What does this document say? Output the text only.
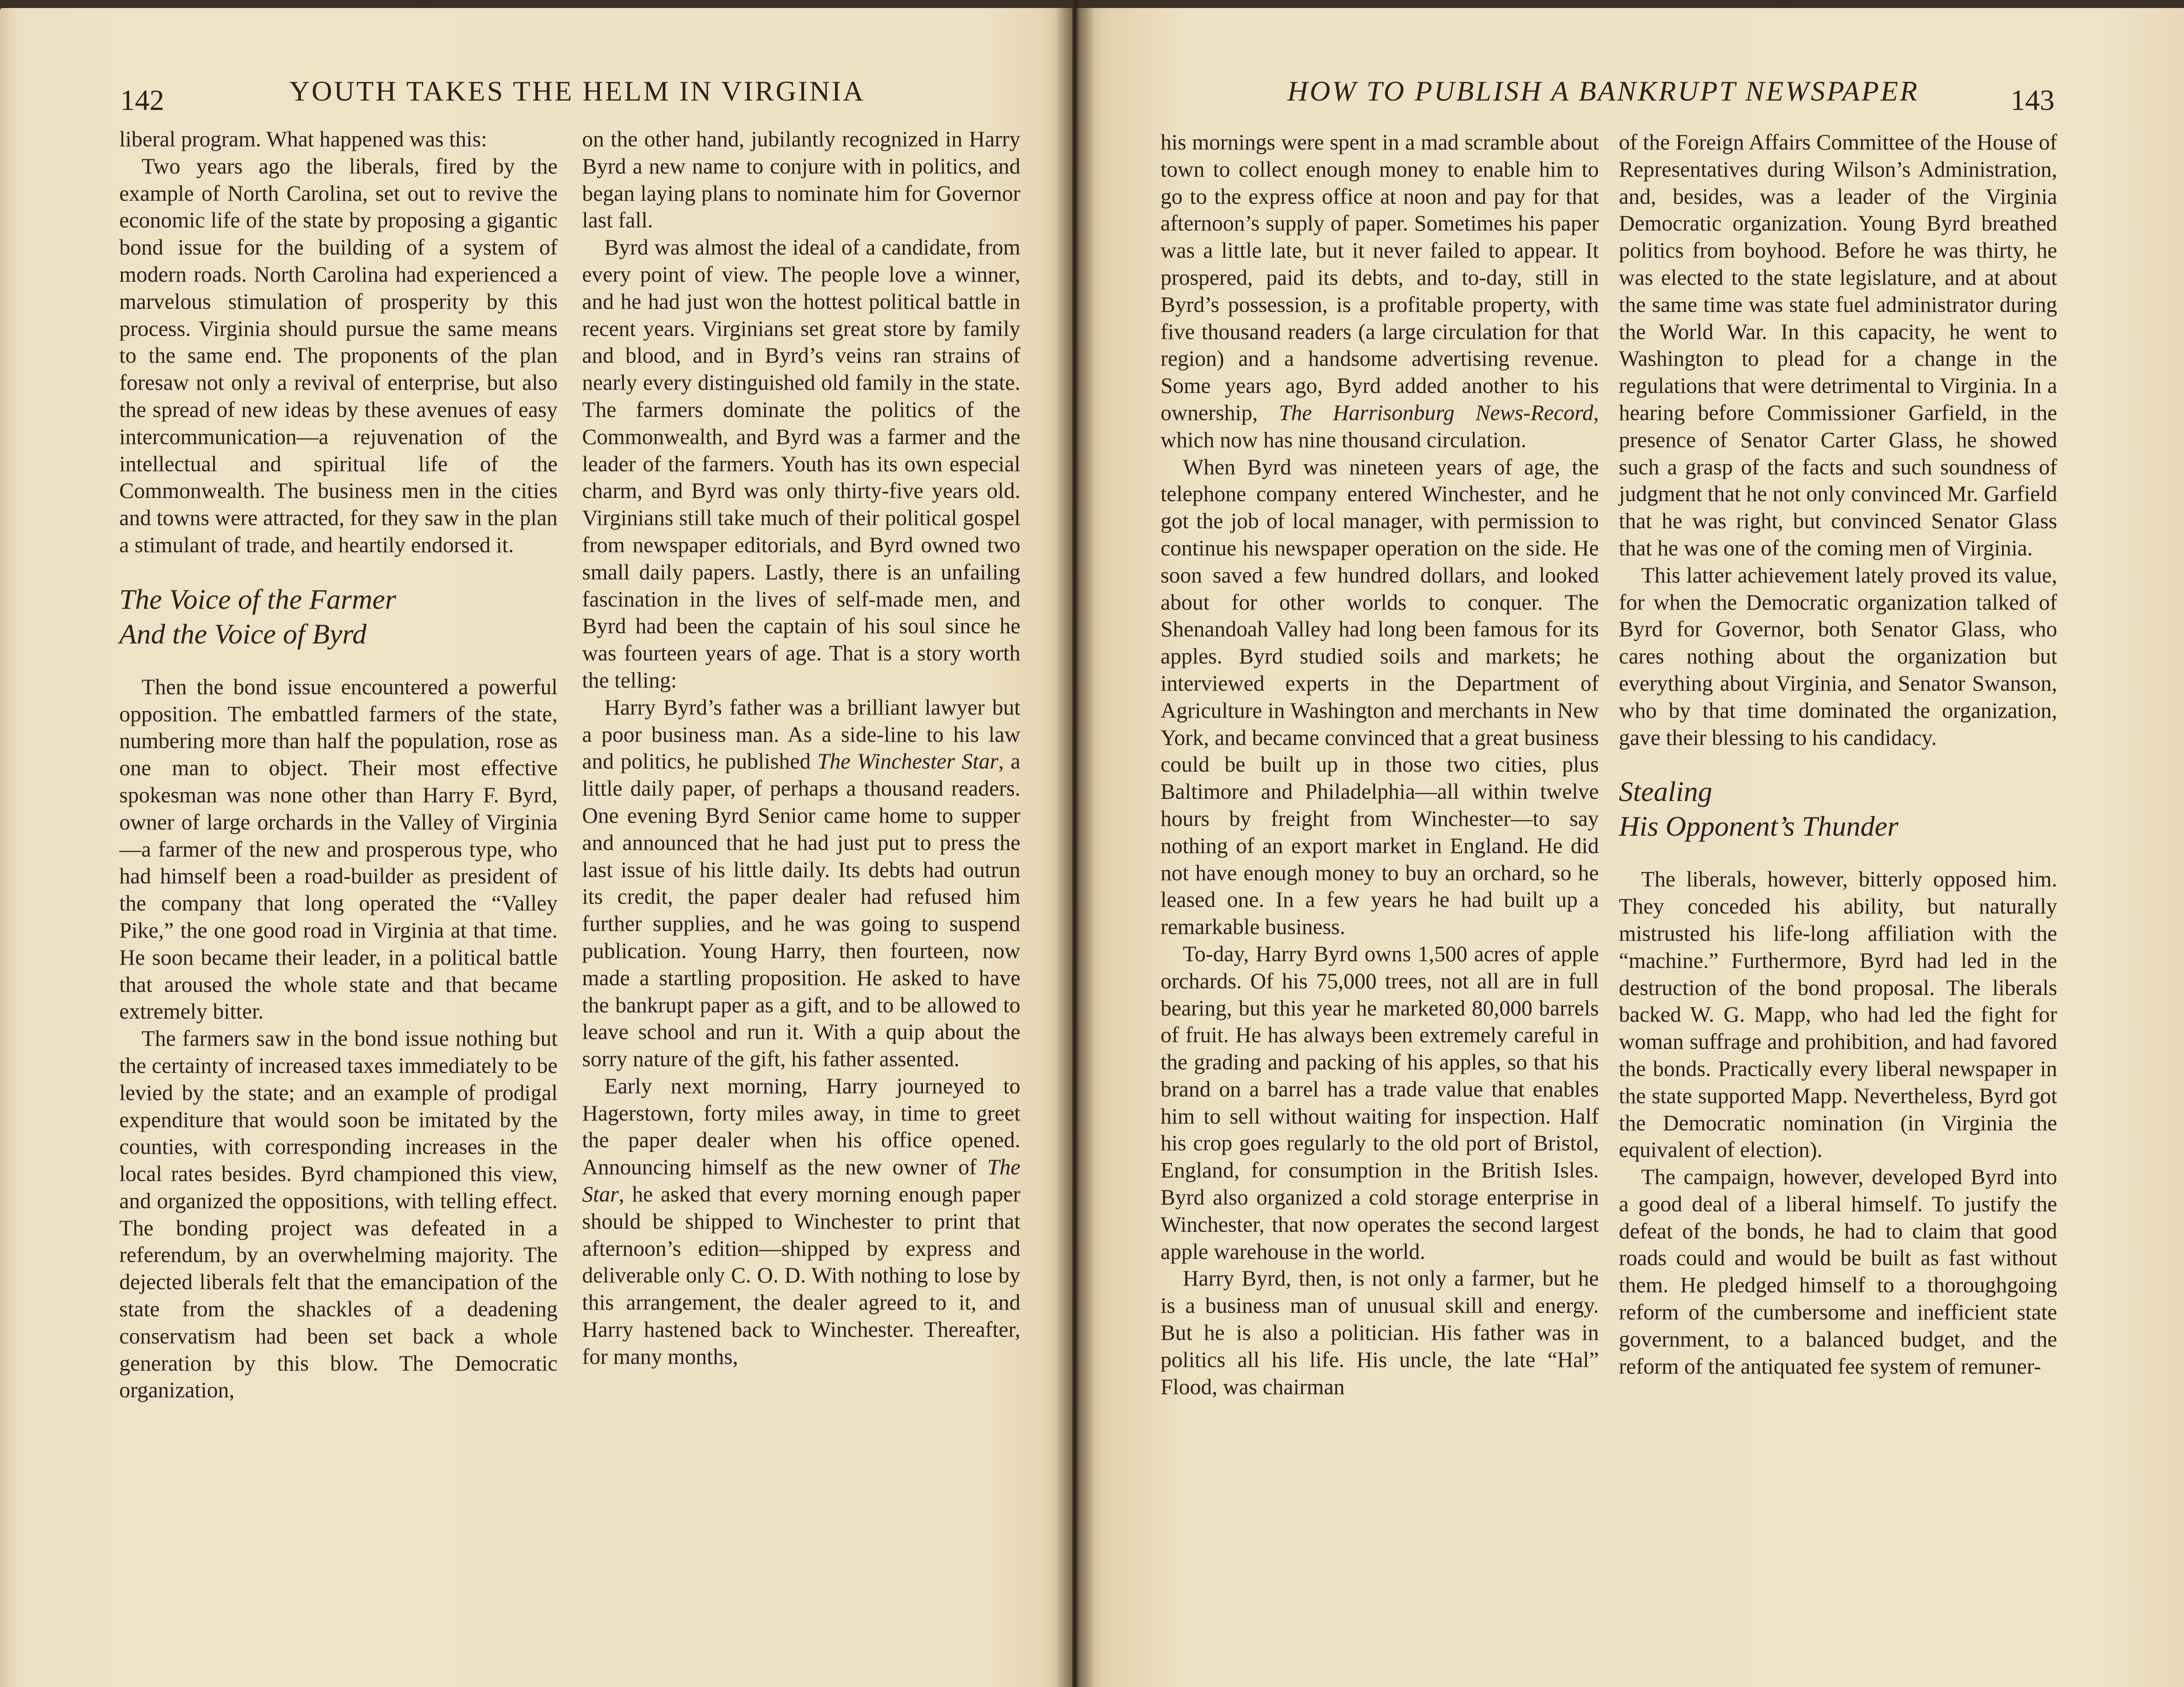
142	YOUTH TAKES THE HELM IN VIRGINIA

liberal program. What happened was this:

Two years ago the liberals, fired by the example of North Carolina, set out to revive the economic life of the state by proposing a gigantic bond issue for the building of a system of modern roads. North Carolina had experienced a marvelous stimulation of prosperity by this process. Virginia should pursue the same means to the same end. The proponents of the plan foresaw not only a revival of enterprise, but also the spread of new ideas by these avenues of easy intercommunication—a rejuvenation of the intellectual and spiritual life of the Commonwealth. The business men in the cities and towns were attracted, for they saw in the plan a stimulant of trade, and heartily endorsed it.

The Voice of the Farmer
And the Voice of Byrd

Then the bond issue encountered a powerful opposition. The embattled farmers of the state, numbering more than half the population, rose as one man to object. Their most effective spokesman was none other than Harry F. Byrd, owner of large orchards in the Valley of Virginia—a farmer of the new and prosperous type, who had himself been a road-builder as president of the company that long operated the “Valley Pike,” the one good road in Virginia at that time. He soon became their leader, in a political battle that aroused the whole state and that became extremely bitter.

The farmers saw in the bond issue nothing but the certainty of increased taxes immediately to be levied by the state; and an example of prodigal expenditure that would soon be imitated by the counties, with corresponding increases in the local rates besides. Byrd championed this view, and organized the oppositions, with telling effect. The bonding project was defeated in a referendum, by an overwhelming majority. The dejected liberals felt that the emancipation of the state from the shackles of a deadening conservatism had been set back a whole generation by this blow. The Democratic organization,

on the other hand, jubilantly recognized in Harry Byrd a new name to conjure with in politics, and began laying plans to nominate him for Governor last fall.

Byrd was almost the ideal of a candidate, from every point of view. The people love a winner, and he had just won the hottest political battle in recent years. Virginians set great store by family and blood, and in Byrd’s veins ran strains of nearly every distinguished old family in the state. The farmers dominate the politics of the Commonwealth, and Byrd was a farmer and the leader of the farmers. Youth has its own especial charm, and Byrd was only thirty-five years old. Virginians still take much of their political gospel from newspaper editorials, and Byrd owned two small daily papers. Lastly, there is an unfailing fascination in the lives of self-made men, and Byrd had been the captain of his soul since he was fourteen years of age. That is a story worth the telling:

Harry Byrd’s father was a brilliant lawyer but a poor business man. As a side-line to his law and politics, he published The Winchester Star, a little daily paper, of perhaps a thousand readers. One evening Byrd Senior came home to supper and announced that he had just put to press the last issue of his little daily. Its debts had outrun its credit, the paper dealer had refused him further supplies, and he was going to suspend publication. Young Harry, then fourteen, now made a startling proposition. He asked to have the bankrupt paper as a gift, and to be allowed to leave school and run it. With a quip about the sorry nature of the gift, his father assented.

Early next morning, Harry journeyed to Hagerstown, forty miles away, in time to greet the paper dealer when his office opened. Announcing himself as the new owner of The Star, he asked that every morning enough paper should be shipped to Winchester to print that afternoon’s edition—shipped by express and deliverable only C. O. D. With nothing to lose by this arrangement, the dealer agreed to it, and Harry hastened back to Winchester. Thereafter, for many months,

HOW TO PUBLISH A BANKRUPT NEWSPAPER	143

his mornings were spent in a mad scramble about town to collect enough money to enable him to go to the express office at noon and pay for that afternoon’s supply of paper. Sometimes his paper was a little late, but it never failed to appear. It prospered, paid its debts, and to-day, still in Byrd’s possession, is a profitable property, with five thousand readers (a large circulation for that region) and a handsome advertising revenue. Some years ago, Byrd added another to his ownership, The Harrisonburg News-Record, which now has nine thousand circulation.

When Byrd was nineteen years of age, the telephone company entered Winchester, and he got the job of local manager, with permission to continue his newspaper operation on the side. He soon saved a few hundred dollars, and looked about for other worlds to conquer. The Shenandoah Valley had long been famous for its apples. Byrd studied soils and markets; he interviewed experts in the Department of Agriculture in Washington and merchants in New York, and became convinced that a great business could be built up in those two cities, plus Baltimore and Philadelphia—all within twelve hours by freight from Winchester—to say nothing of an export market in England. He did not have enough money to buy an orchard, so he leased one. In a few years he had built up a remarkable business.

To-day, Harry Byrd owns 1,500 acres of apple orchards. Of his 75,000 trees, not all are in full bearing, but this year he marketed 80,000 barrels of fruit. He has always been extremely careful in the grading and packing of his apples, so that his brand on a barrel has a trade value that enables him to sell without waiting for inspection. Half his crop goes regularly to the old port of Bristol, England, for consumption in the British Isles. Byrd also organized a cold storage enterprise in Winchester, that now operates the second largest apple warehouse in the world.

Harry Byrd, then, is not only a farmer, but he is a business man of unusual skill and energy. But he is also a politician. His father was in politics all his life. His uncle, the late “Hal” Flood, was chairman

of the Foreign Affairs Committee of the House of Representatives during Wilson’s Administration, and, besides, was a leader of the Virginia Democratic organization. Young Byrd breathed politics from boyhood. Before he was thirty, he was elected to the state legislature, and at about the same time was state fuel administrator during the World War. In this capacity, he went to Washington to plead for a change in the regulations that were detrimental to Virginia. In a hearing before Commissioner Garfield, in the presence of Senator Carter Glass, he showed such a grasp of the facts and such soundness of judgment that he not only convinced Mr. Garfield that he was right, but convinced Senator Glass that he was one of the coming men of Virginia.

This latter achievement lately proved its value, for when the Democratic organization talked of Byrd for Governor, both Senator Glass, who cares nothing about the organization but everything about Virginia, and Senator Swanson, who by that time dominated the organization, gave their blessing to his candidacy.

Stealing
His Opponent’s Thunder

The liberals, however, bitterly opposed him. They conceded his ability, but naturally mistrusted his life-long affiliation with the “machine.” Furthermore, Byrd had led in the destruction of the bond proposal. The liberals backed W. G. Mapp, who had led the fight for woman suffrage and prohibition, and had favored the bonds. Practically every liberal newspaper in the state supported Mapp. Nevertheless, Byrd got the Democratic nomination (in Virginia the equivalent of election).

The campaign, however, developed Byrd into a good deal of a liberal himself. To justify the defeat of the bonds, he had to claim that good roads could and would be built as fast without them. He pledged himself to a thoroughgoing reform of the cumbersome and inefficient state government, to a balanced budget, and the reform of the antiquated fee system of remuner-
